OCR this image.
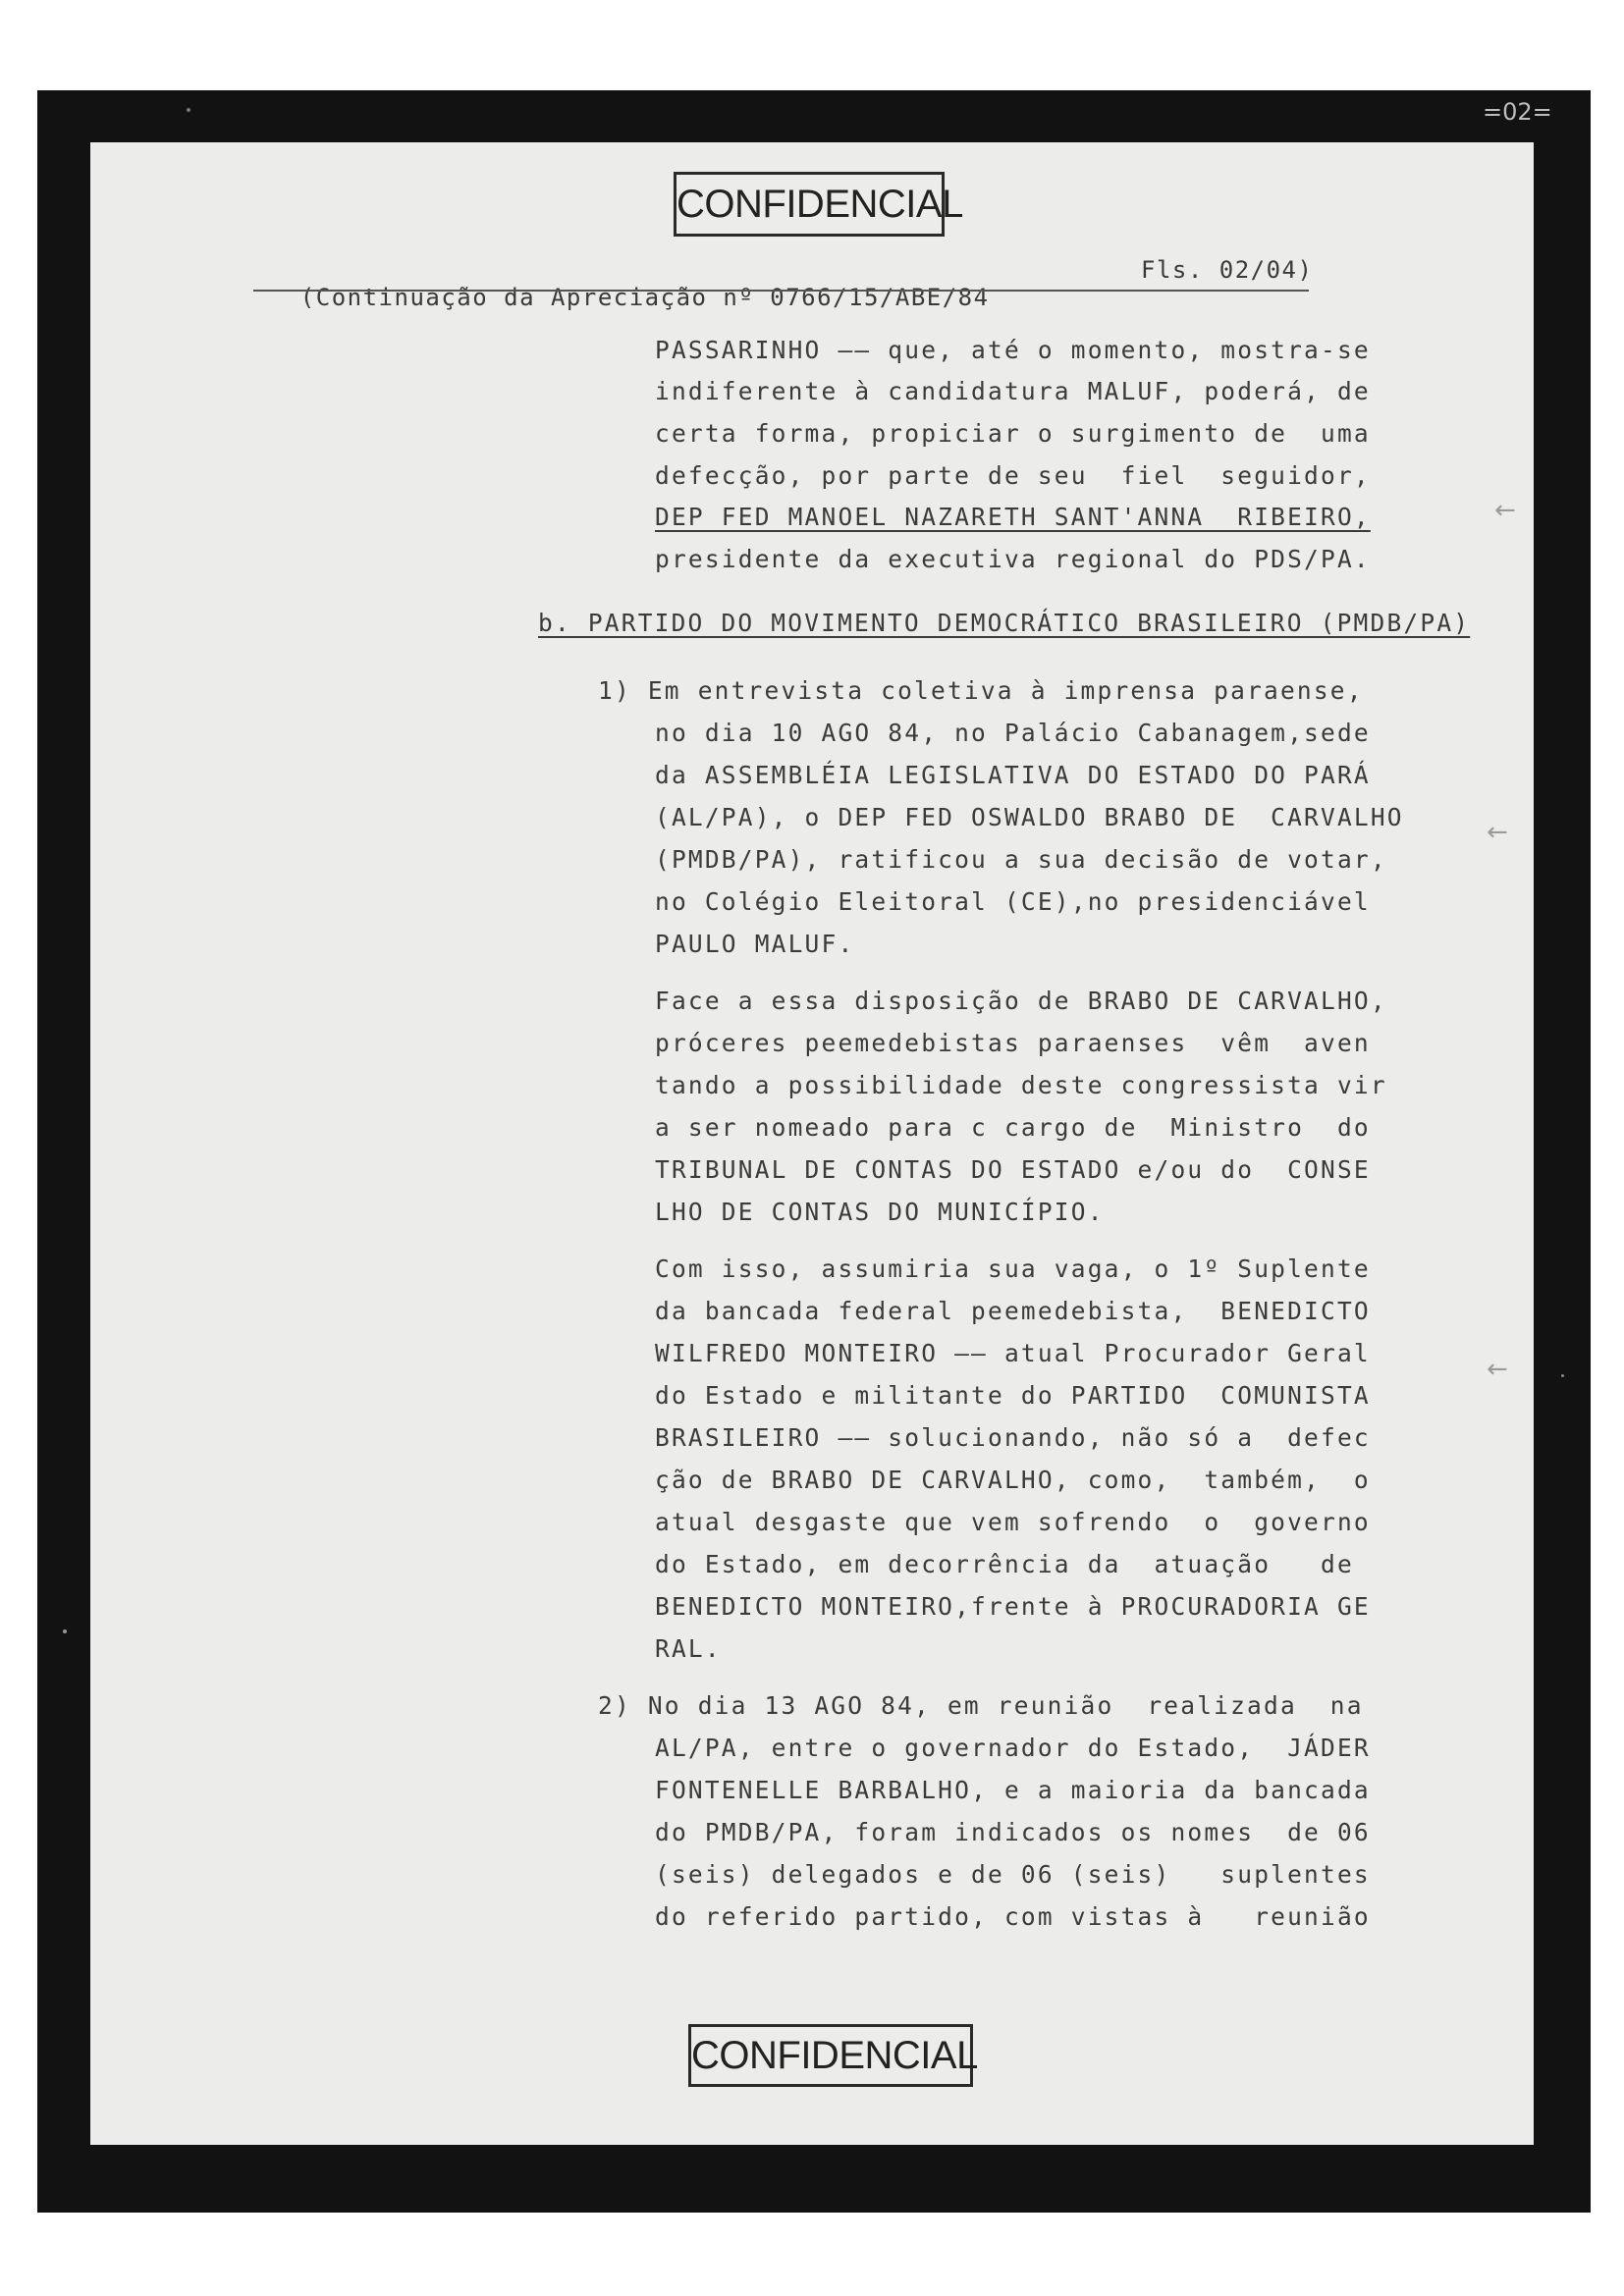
=02=
CONFIDENCIAL

(Continuação da Apreciação nº 0766/15/ABE/84

Fls. 02/04)

PASSARINHO —— que, até o momento, mostra-se
indiferente à candidatura MALUF, poderá, de
certa forma, propiciar o surgimento de  uma
defecção, por parte de seu  fiel  seguidor,
DEP FED MANOEL NAZARETH SANT'ANNA  RIBEIRO,
presidente da executiva regional do PDS/PA.
b. PARTIDO DO MOVIMENTO DEMOCRÁTICO BRASILEIRO (PMDB/PA)
1) Em entrevista coletiva à imprensa paraense,
no dia 10 AGO 84, no Palácio Cabanagem,sede
da ASSEMBLÉIA LEGISLATIVA DO ESTADO DO PARÁ
(AL/PA), o DEP FED OSWALDO BRABO DE  CARVALHO
(PMDB/PA), ratificou a sua decisão de votar,
no Colégio Eleitoral (CE),no presidenciável
PAULO MALUF.
Face a essa disposição de BRABO DE CARVALHO,
próceres peemedebistas paraenses  vêm  aven
tando a possibilidade deste congressista vir
a ser nomeado para c cargo de  Ministro  do
TRIBUNAL DE CONTAS DO ESTADO e/ou do  CONSE
LHO DE CONTAS DO MUNICÍPIO.
Com isso, assumiria sua vaga, o 1º Suplente
da bancada federal peemedebista,  BENEDICTO
WILFREDO MONTEIRO —— atual Procurador Geral
do Estado e militante do PARTIDO  COMUNISTA
BRASILEIRO —— solucionando, não só a  defec
ção de BRABO DE CARVALHO, como,  também,  o
atual desgaste que vem sofrendo  o  governo
do Estado, em decorrência da  atuação   de
BENEDICTO MONTEIRO,frente à PROCURADORIA GE
RAL.
2) No dia 13 AGO 84, em reunião  realizada  na
AL/PA, entre o governador do Estado,  JÁDER
FONTENELLE BARBALHO, e a maioria da bancada
do PMDB/PA, foram indicados os nomes  de 06
(seis) delegados e de 06 (seis)   suplentes
do referido partido, com vistas à   reunião
←
←
←
CONFIDENCIAL
